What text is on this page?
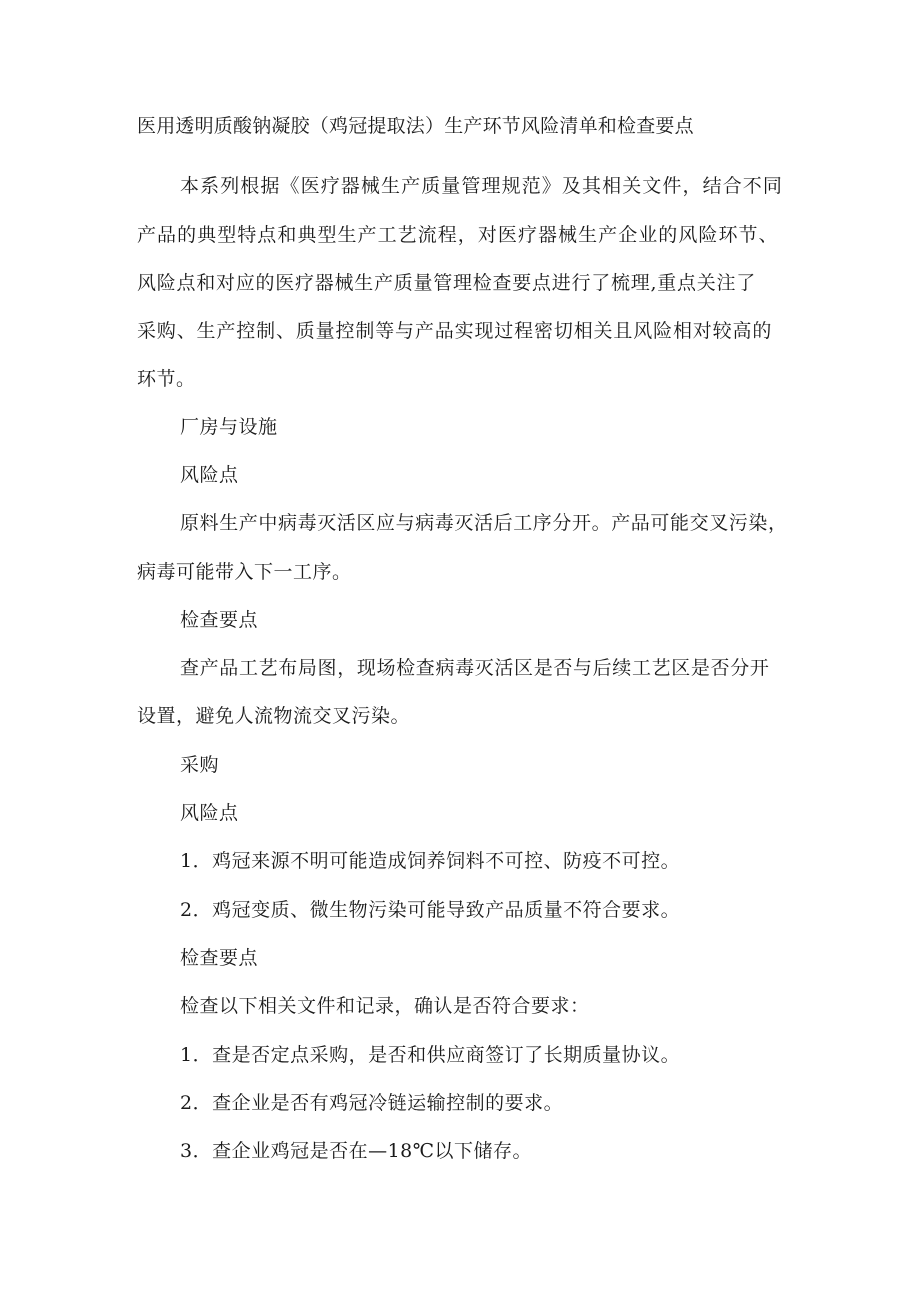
医用透明质酸钠凝胶（鸡冠提取法）生产环节风险清单和检查要点
本系列根据《医疗器械生产质量管理规范》及其相关文件，结合不同
产品的典型特点和典型生产工艺流程，对医疗器械生产企业的风险环节、
风险点和对应的医疗器械生产质量管理检查要点进行了梳理,重点关注了
采购、生产控制、质量控制等与产品实现过程密切相关且风险相对较高的
环节。
厂房与设施
风险点
原料生产中病毒灭活区应与病毒灭活后工序分开。产品可能交叉污染，
病毒可能带入下一工序。
检查要点
查产品工艺布局图，现场检查病毒灭活区是否与后续工艺区是否分开
设置，避免人流物流交叉污染。
采购
风险点
1．鸡冠来源不明可能造成饲养饲料不可控、防疫不可控。
2．鸡冠变质、微生物污染可能导致产品质量不符合要求。
检查要点
检查以下相关文件和记录，确认是否符合要求：
1．查是否定点采购，是否和供应商签订了长期质量协议。
2．查企业是否有鸡冠冷链运输控制的要求。
3．查企业鸡冠是否在—18℃以下储存。
